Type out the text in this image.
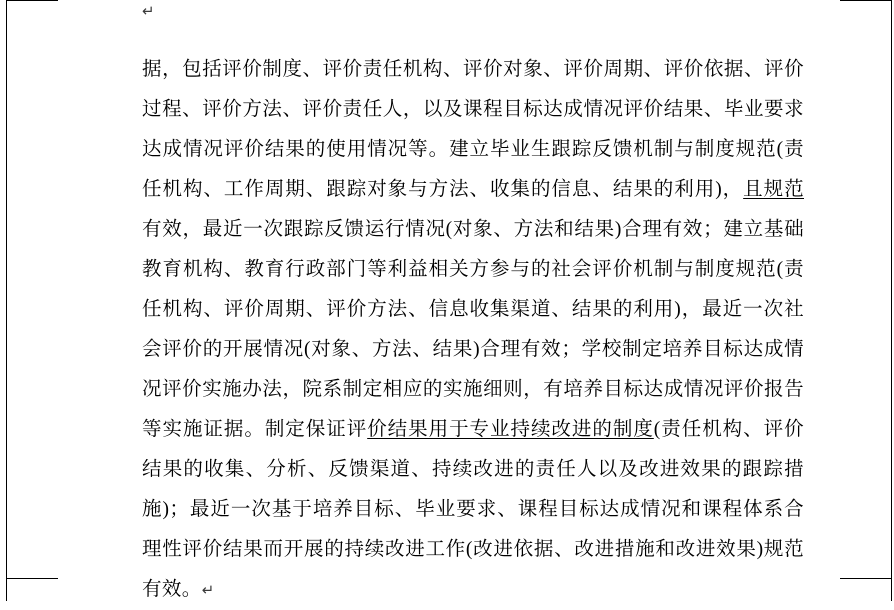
↵
据，包括评价制度、评价责任机构、评价对象、评价周期、评价依据、评价过程、评价方法、评价责任人，以及课程目标达成情况评价结果、毕业要求达成情况评价结果的使用情况等。建立毕业生跟踪反馈机制与制度规范(责任机构、工作周期、跟踪对象与方法、收集的信息、结果的利用)，且规范有效，最近一次跟踪反馈运行情况(对象、方法和结果)合理有效；建立基础教育机构、教育行政部门等利益相关方参与的社会评价机制与制度规范(责任机构、评价周期、评价方法、信息收集渠道、结果的利用)，最近一次社会评价的开展情况(对象、方法、结果)合理有效；学校制定培养目标达成情况评价实施办法，院系制定相应的实施细则，有培养目标达成情况评价报告等实施证据。制定保证评价结果用于专业持续改进的制度(责任机构、评价结果的收集、分析、反馈渠道、持续改进的责任人以及改进效果的跟踪措施)；最近一次基于培养目标、毕业要求、课程目标达成情况和课程体系合理性评价结果而开展的持续改进工作(改进依据、改进措施和改进效果)规范有效。↵
